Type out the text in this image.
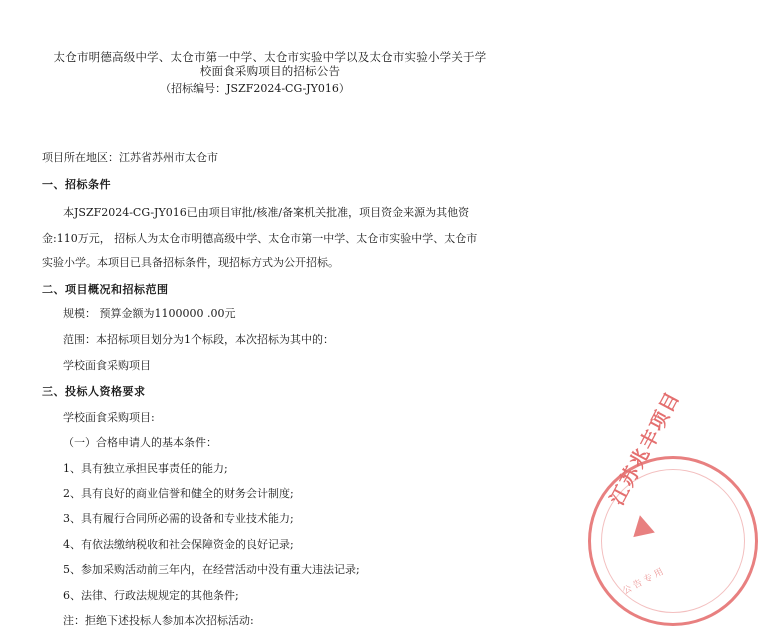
太仓市明德高级中学、太仓市第一中学、太仓市实验中学以及太仓市实验小学关于学
校面食采购项目的招标公告
（招标编号：JSZF2024-CG-JY016）
项目所在地区：江苏省苏州市太仓市
一、招标条件
本JSZF2024-CG-JY016已由项目审批/核准/备案机关批准，项目资金来源为其他资
金:110万元， 招标人为太仓市明德高级中学、太仓市第一中学、太仓市实验中学、太仓市
实验小学。本项目已具备招标条件，现招标方式为公开招标。
二、项目概况和招标范围
规模： 预算金额为1100000 .00元
范围：本招标项目划分为1个标段，本次招标为其中的：
学校面食采购项目
三、投标人资格要求
学校面食采购项目:
（一）合格申请人的基本条件：
1、具有独立承担民事责任的能力;
2、具有良好的商业信誉和健全的财务会计制度;
3、具有履行合同所必需的设备和专业技术能力;
4、有依法缴纳税收和社会保障资金的良好记录;
5、参加采购活动前三年内，在经营活动中没有重大违法记录;
6、法律、行政法规规定的其他条件;
注：拒绝下述投标人参加本次招标活动:
江苏兆丰项目
公 告 专 用
